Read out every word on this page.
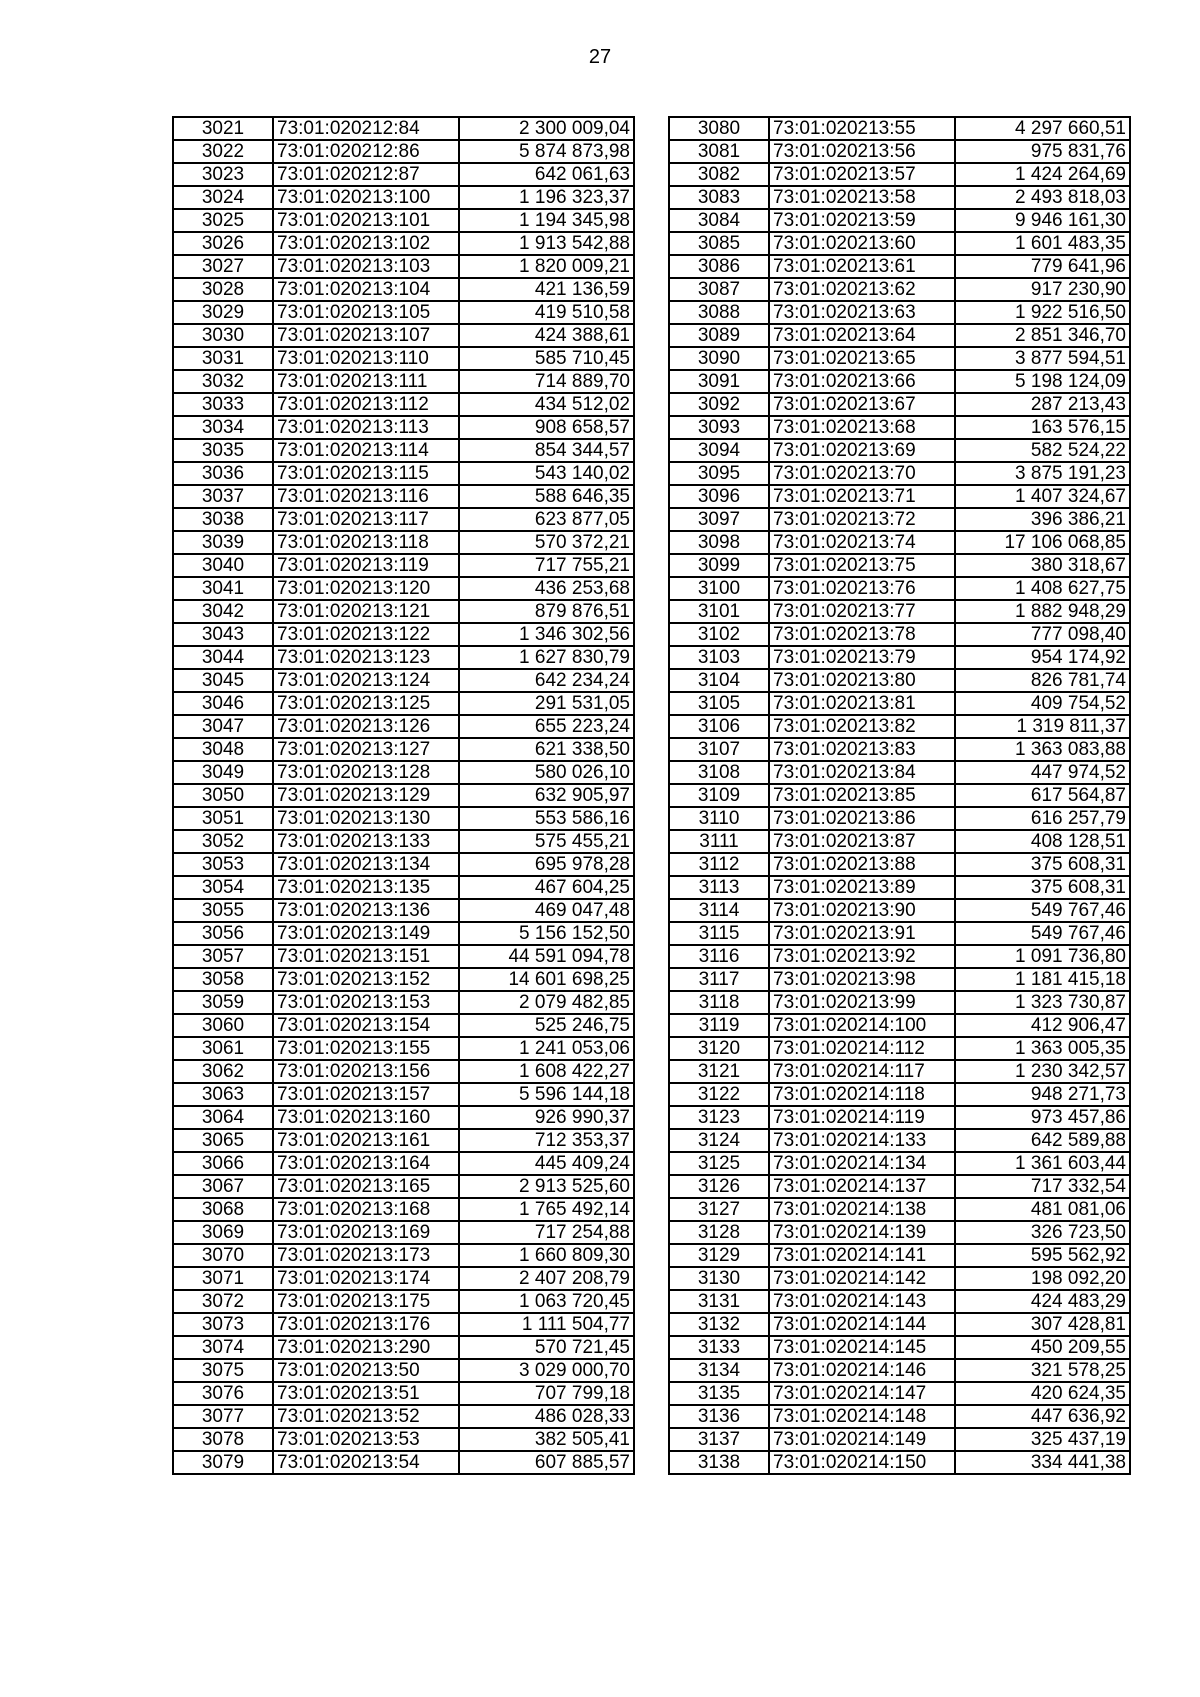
27
3021	73:01:020212:84	2 300 009,04
3022	73:01:020212:86	5 874 873,98
3023	73:01:020212:87	642 061,63
3024	73:01:020213:100	1 196 323,37
3025	73:01:020213:101	1 194 345,98
3026	73:01:020213:102	1 913 542,88
3027	73:01:020213:103	1 820 009,21
3028	73:01:020213:104	421 136,59
3029	73:01:020213:105	419 510,58
3030	73:01:020213:107	424 388,61
3031	73:01:020213:110	585 710,45
3032	73:01:020213:111	714 889,70
3033	73:01:020213:112	434 512,02
3034	73:01:020213:113	908 658,57
3035	73:01:020213:114	854 344,57
3036	73:01:020213:115	543 140,02
3037	73:01:020213:116	588 646,35
3038	73:01:020213:117	623 877,05
3039	73:01:020213:118	570 372,21
3040	73:01:020213:119	717 755,21
3041	73:01:020213:120	436 253,68
3042	73:01:020213:121	879 876,51
3043	73:01:020213:122	1 346 302,56
3044	73:01:020213:123	1 627 830,79
3045	73:01:020213:124	642 234,24
3046	73:01:020213:125	291 531,05
3047	73:01:020213:126	655 223,24
3048	73:01:020213:127	621 338,50
3049	73:01:020213:128	580 026,10
3050	73:01:020213:129	632 905,97
3051	73:01:020213:130	553 586,16
3052	73:01:020213:133	575 455,21
3053	73:01:020213:134	695 978,28
3054	73:01:020213:135	467 604,25
3055	73:01:020213:136	469 047,48
3056	73:01:020213:149	5 156 152,50
3057	73:01:020213:151	44 591 094,78
3058	73:01:020213:152	14 601 698,25
3059	73:01:020213:153	2 079 482,85
3060	73:01:020213:154	525 246,75
3061	73:01:020213:155	1 241 053,06
3062	73:01:020213:156	1 608 422,27
3063	73:01:020213:157	5 596 144,18
3064	73:01:020213:160	926 990,37
3065	73:01:020213:161	712 353,37
3066	73:01:020213:164	445 409,24
3067	73:01:020213:165	2 913 525,60
3068	73:01:020213:168	1 765 492,14
3069	73:01:020213:169	717 254,88
3070	73:01:020213:173	1 660 809,30
3071	73:01:020213:174	2 407 208,79
3072	73:01:020213:175	1 063 720,45
3073	73:01:020213:176	1 111 504,77
3074	73:01:020213:290	570 721,45
3075	73:01:020213:50	3 029 000,70
3076	73:01:020213:51	707 799,18
3077	73:01:020213:52	486 028,33
3078	73:01:020213:53	382 505,41
3079	73:01:020213:54	607 885,57
3080	73:01:020213:55	4 297 660,51
3081	73:01:020213:56	975 831,76
3082	73:01:020213:57	1 424 264,69
3083	73:01:020213:58	2 493 818,03
3084	73:01:020213:59	9 946 161,30
3085	73:01:020213:60	1 601 483,35
3086	73:01:020213:61	779 641,96
3087	73:01:020213:62	917 230,90
3088	73:01:020213:63	1 922 516,50
3089	73:01:020213:64	2 851 346,70
3090	73:01:020213:65	3 877 594,51
3091	73:01:020213:66	5 198 124,09
3092	73:01:020213:67	287 213,43
3093	73:01:020213:68	163 576,15
3094	73:01:020213:69	582 524,22
3095	73:01:020213:70	3 875 191,23
3096	73:01:020213:71	1 407 324,67
3097	73:01:020213:72	396 386,21
3098	73:01:020213:74	17 106 068,85
3099	73:01:020213:75	380 318,67
3100	73:01:020213:76	1 408 627,75
3101	73:01:020213:77	1 882 948,29
3102	73:01:020213:78	777 098,40
3103	73:01:020213:79	954 174,92
3104	73:01:020213:80	826 781,74
3105	73:01:020213:81	409 754,52
3106	73:01:020213:82	1 319 811,37
3107	73:01:020213:83	1 363 083,88
3108	73:01:020213:84	447 974,52
3109	73:01:020213:85	617 564,87
3110	73:01:020213:86	616 257,79
3111	73:01:020213:87	408 128,51
3112	73:01:020213:88	375 608,31
3113	73:01:020213:89	375 608,31
3114	73:01:020213:90	549 767,46
3115	73:01:020213:91	549 767,46
3116	73:01:020213:92	1 091 736,80
3117	73:01:020213:98	1 181 415,18
3118	73:01:020213:99	1 323 730,87
3119	73:01:020214:100	412 906,47
3120	73:01:020214:112	1 363 005,35
3121	73:01:020214:117	1 230 342,57
3122	73:01:020214:118	948 271,73
3123	73:01:020214:119	973 457,86
3124	73:01:020214:133	642 589,88
3125	73:01:020214:134	1 361 603,44
3126	73:01:020214:137	717 332,54
3127	73:01:020214:138	481 081,06
3128	73:01:020214:139	326 723,50
3129	73:01:020214:141	595 562,92
3130	73:01:020214:142	198 092,20
3131	73:01:020214:143	424 483,29
3132	73:01:020214:144	307 428,81
3133	73:01:020214:145	450 209,55
3134	73:01:020214:146	321 578,25
3135	73:01:020214:147	420 624,35
3136	73:01:020214:148	447 636,92
3137	73:01:020214:149	325 437,19
3138	73:01:020214:150	334 441,38
